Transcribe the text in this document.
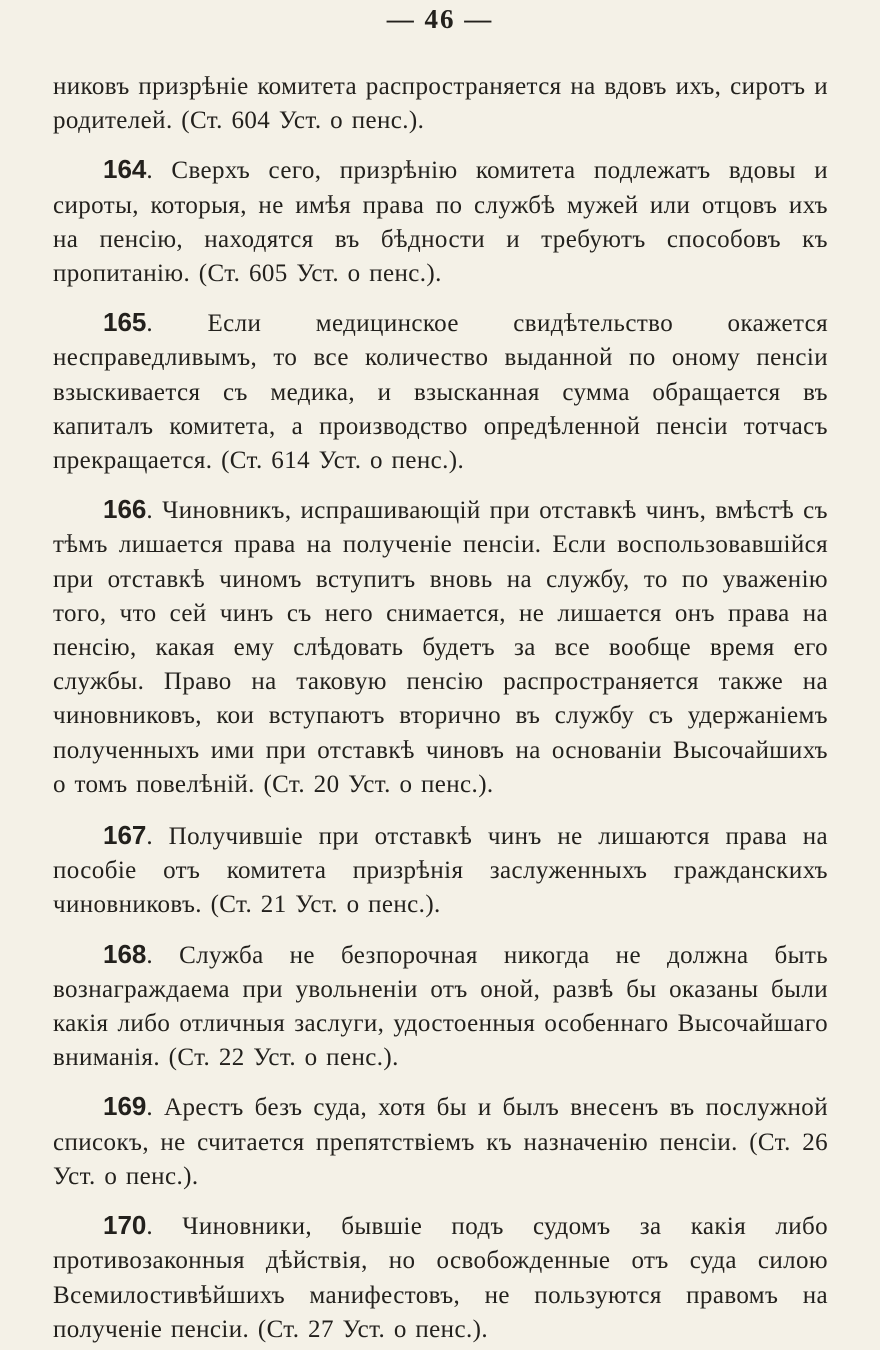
— 46 —

никовъ призрѣніе комитета распространяется на вдовъ ихъ, сиротъ и родителей. (Ст. 604 Уст. о пенс.).

164. Сверхъ сего, призрѣнію комитета подлежатъ вдовы и сироты, которыя, не имѣя права по службѣ мужей или отцовъ ихъ на пенсію, находятся въ бѣдности и требуютъ способовъ къ пропитанію. (Ст. 605 Уст. о пенс.).

165. Если медицинское свидѣтельство окажется несправедливымъ, то все количество выданной по оному пенсіи взыскивается съ медика, и взысканная сумма обращается въ капиталъ комитета, а производство опредѣленной пенсіи тотчасъ прекращается. (Ст. 614 Уст. о пенс.).

166. Чиновникъ, испрашивающій при отставкѣ чинъ, вмѣстѣ съ тѣмъ лишается права на полученіе пенсіи. Если воспользовавшійся при отставкѣ чиномъ вступитъ вновь на службу, то по уваженію того, что сей чинъ съ него снимается, не лишается онъ права на пенсію, какая ему слѣдовать будетъ за все вообще время его службы. Право на таковую пенсію распространяется также на чиновниковъ, кои вступаютъ вторично въ службу съ удержаніемъ полученныхъ ими при отставкѣ чиновъ на основаніи Высочайшихъ о томъ повелѣній. (Ст. 20 Уст. о пенс.).

167. Получившіе при отставкѣ чинъ не лишаются права на пособіе отъ комитета призрѣнія заслуженныхъ гражданскихъ чиновниковъ. (Ст. 21 Уст. о пенс.).

168. Служба не безпорочная никогда не должна быть вознаграждаема при увольненіи отъ оной, развѣ бы оказаны были какія либо отличныя заслуги, удостоенныя особеннаго Высочайшаго вниманія. (Ст. 22 Уст. о пенс.).

169. Арестъ безъ суда, хотя бы и былъ внесенъ въ послужной списокъ, не считается препятствіемъ къ назначенію пенсіи. (Ст. 26 Уст. о пенс.).

170. Чиновники, бывшіе подъ судомъ за какія либо противозаконныя дѣйствія, но освобожденные отъ суда силою Всемилостивѣйшихъ манифестовъ, не пользуются правомъ на полученіе пенсіи. (Ст. 27 Уст. о пенс.).
